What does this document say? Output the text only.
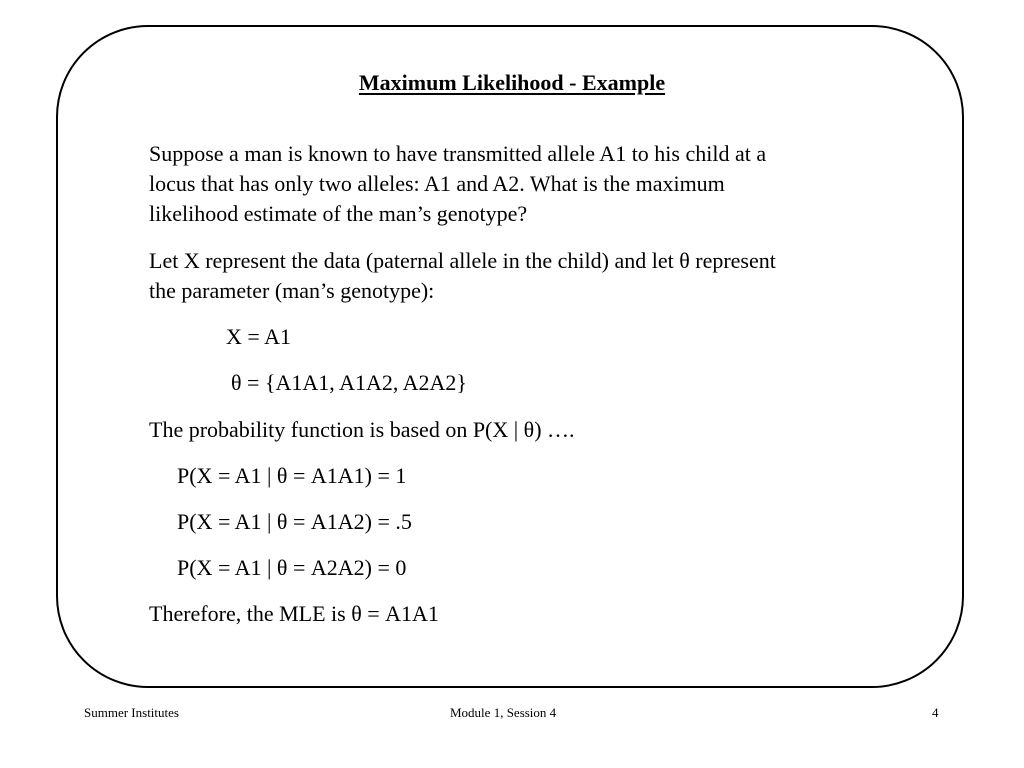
Maximum Likelihood - Example
Suppose a man is known to have transmitted allele A1 to his child at a
locus that has only two alleles: A1 and A2. What is the maximum
likelihood estimate of the man’s genotype?
Let X represent the data (paternal allele in the child) and let θ represent
the parameter (man’s genotype):
X = A1
θ = {A1A1, A1A2, A2A2}
The probability function is based on P(X | θ) ….
P(X = A1 | θ = A1A1) = 1
P(X = A1 | θ = A1A2) = .5
P(X = A1 | θ = A2A2) = 0
Therefore, the MLE is θ = A1A1
Summer Institutes	Module 1, Session 4	4
